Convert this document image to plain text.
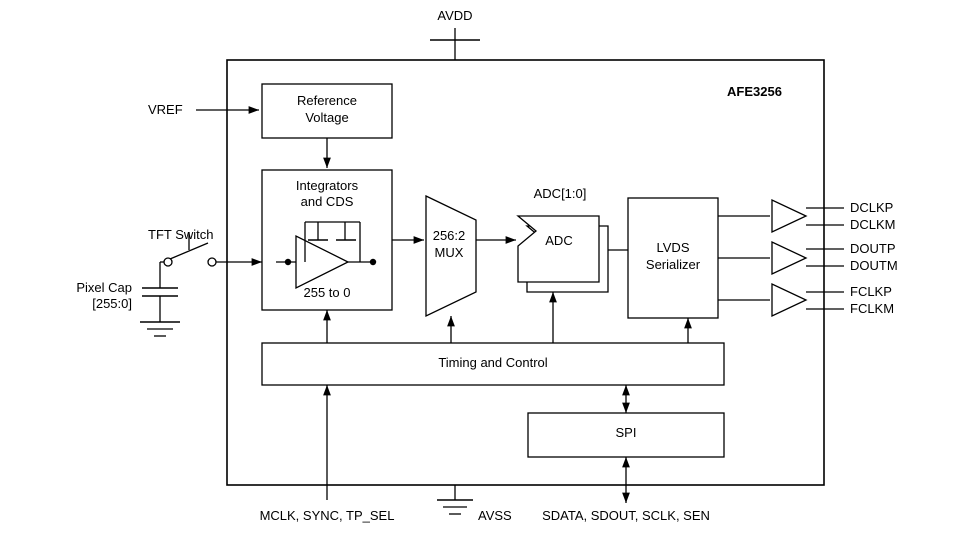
AVDD
AFE3256
VREF
Reference
Voltage
Integrators
and CDS
255 to 0
TFT Switch
Pixel Cap
[255:0]
256:2
MUX
ADC[1:0]
ADC	LVDS
Serializer
Timing and Control
SPI
DCLKP
DCLKM
DOUTP
DOUTM
FCLKP
FCLKM
MCLK, SYNC, TP_SEL	AVSS	SDATA, SDOUT, SCLK, SEN
